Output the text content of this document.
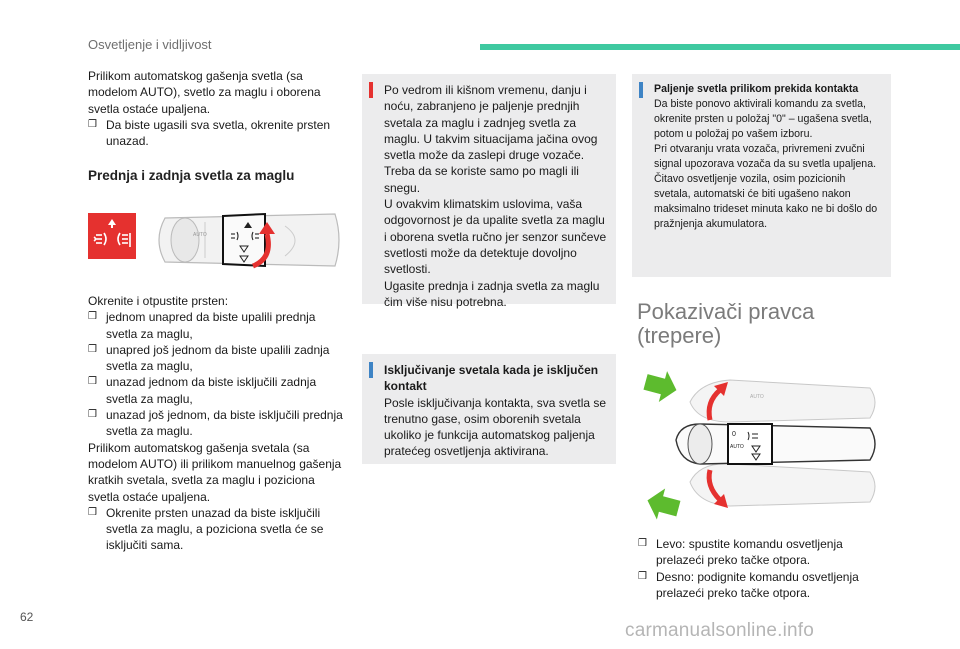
Osvetljenje i vidljivost

Prilikom automatskog gašenja svetla (sa modelom AUTO), svetlo za maglu i oborena svetla ostaće upaljena.

❒ Da biste ugasili sva svetla, okrenite prsten unazad.
Prednja i zadnja svetla za maglu
AUTO

Okrenite i otpustite prsten:

❒ jednom unapred da biste upalili prednja svetla za maglu,
❒ unapred još jednom da biste upalili zadnja svetla za maglu,
❒ unazad jednom da biste isključili zadnja svetla za maglu,
❒ unazad još jednom, da biste isključili prednja svetla za maglu.

Prilikom automatskog gašenja svetala (sa modelom AUTO) ili prilikom manuelnog gašenja kratkih svetala, svetla za maglu i poziciona svetla ostaće upaljena.

❒ Okrenite prsten unazad da biste isključili svetla za maglu, a poziciona svetla će se isključiti sama.

Po vedrom ili kišnom vremenu, danju i noću, zabranjeno je paljenje prednjih svetala za maglu i zadnjeg svetla za maglu. U takvim situacijama jačina ovog svetla može da zaslepi druge vozače. Treba da se koriste samo po magli ili snegu.
U ovakvim klimatskim uslovima, vaša odgovornost je da upalite svetla za maglu i oborena svetla ručno jer senzor sunčeve svetlosti može da detektuje dovoljno svetlosti.
Ugasite prednja i zadnja svetla za maglu čim više nisu potrebna.

Isključivanje svetala kada je isključen kontakt

Posle isključivanja kontakta, sva svetla se trenutno gase, osim oborenih svetala ukoliko je funkcija automatskog paljenja pratećeg osvetljenja aktivirana.

Paljenje svetla prilikom prekida kontakta

Da biste ponovo aktivirali komandu za svetla, okrenite prsten u položaj "0" – ugašena svetla, potom u položaj po vašem izboru.
Pri otvaranju vrata vozača, privremeni zvučni signal upozorava vozača da su svetla upaljena.
Čitavo osvetljenje vozila, osim pozicionih svetala, automatski će biti ugašeno nakon maksimalno trideset minuta kako ne bi došlo do pražnjenja akumulatora.

Pokazivači pravca
(trepere)
AUTO
0
AUTO
❒ Levo: spustite komandu osvetljenja prelazeći preko tačke otpora.
❒ Desno: podignite komandu osvetljenja prelazeći preko tačke otpora.
62
carmanualsonline.info
